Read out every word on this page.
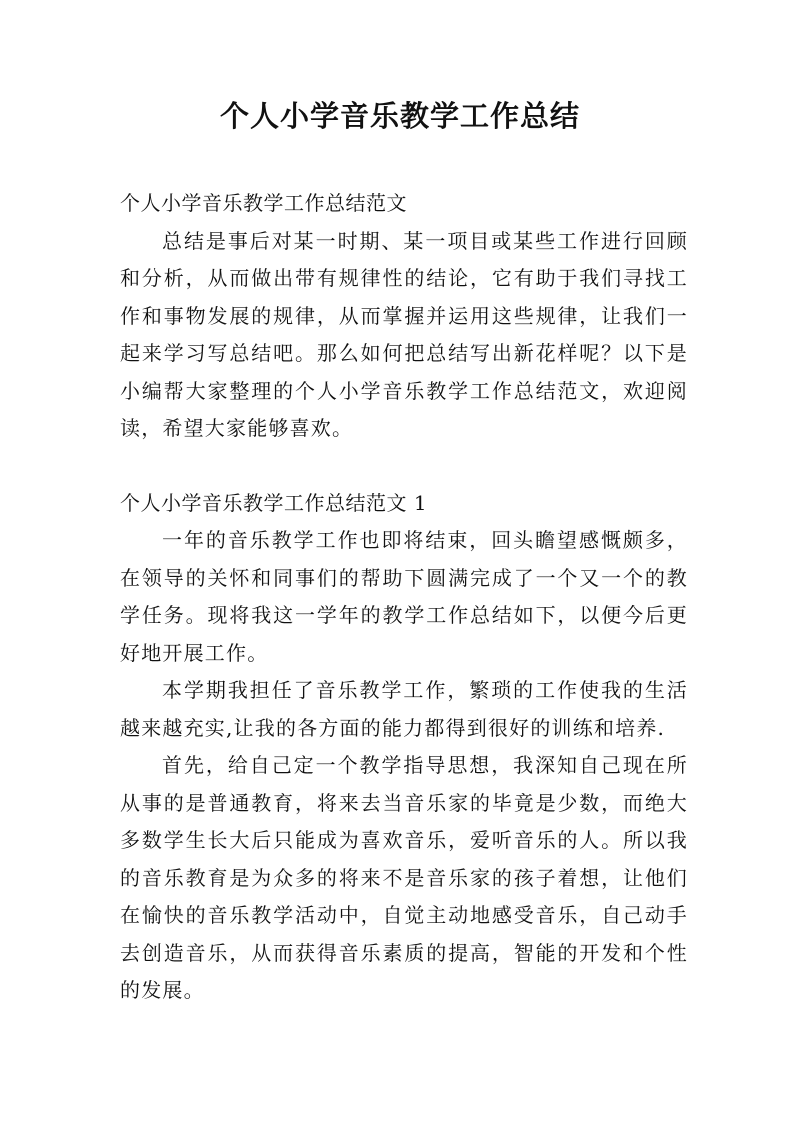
个人小学音乐教学工作总结

个人小学音乐教学工作总结范文

总结是事后对某一时期、某一项目或某些工作进行回顾和分析，从而做出带有规律性的结论，它有助于我们寻找工作和事物发展的规律，从而掌握并运用这些规律，让我们一起来学习写总结吧。那么如何把总结写出新花样呢？以下是小编帮大家整理的个人小学音乐教学工作总结范文，欢迎阅读，希望大家能够喜欢。

个人小学音乐教学工作总结范文 1

一年的音乐教学工作也即将结束，回头瞻望感慨颇多，在领导的关怀和同事们的帮助下圆满完成了一个又一个的教学任务。现将我这一学年的教学工作总结如下，以便今后更好地开展工作。

本学期我担任了音乐教学工作，繁琐的工作使我的生活越来越充实,让我的各方面的能力都得到很好的训练和培养.

首先，给自己定一个教学指导思想，我深知自己现在所从事的是普通教育，将来去当音乐家的毕竟是少数，而绝大多数学生长大后只能成为喜欢音乐，爱听音乐的人。所以我的音乐教育是为众多的将来不是音乐家的孩子着想，让他们在愉快的音乐教学活动中，自觉主动地感受音乐，自己动手去创造音乐，从而获得音乐素质的提高，智能的开发和个性的发展。
